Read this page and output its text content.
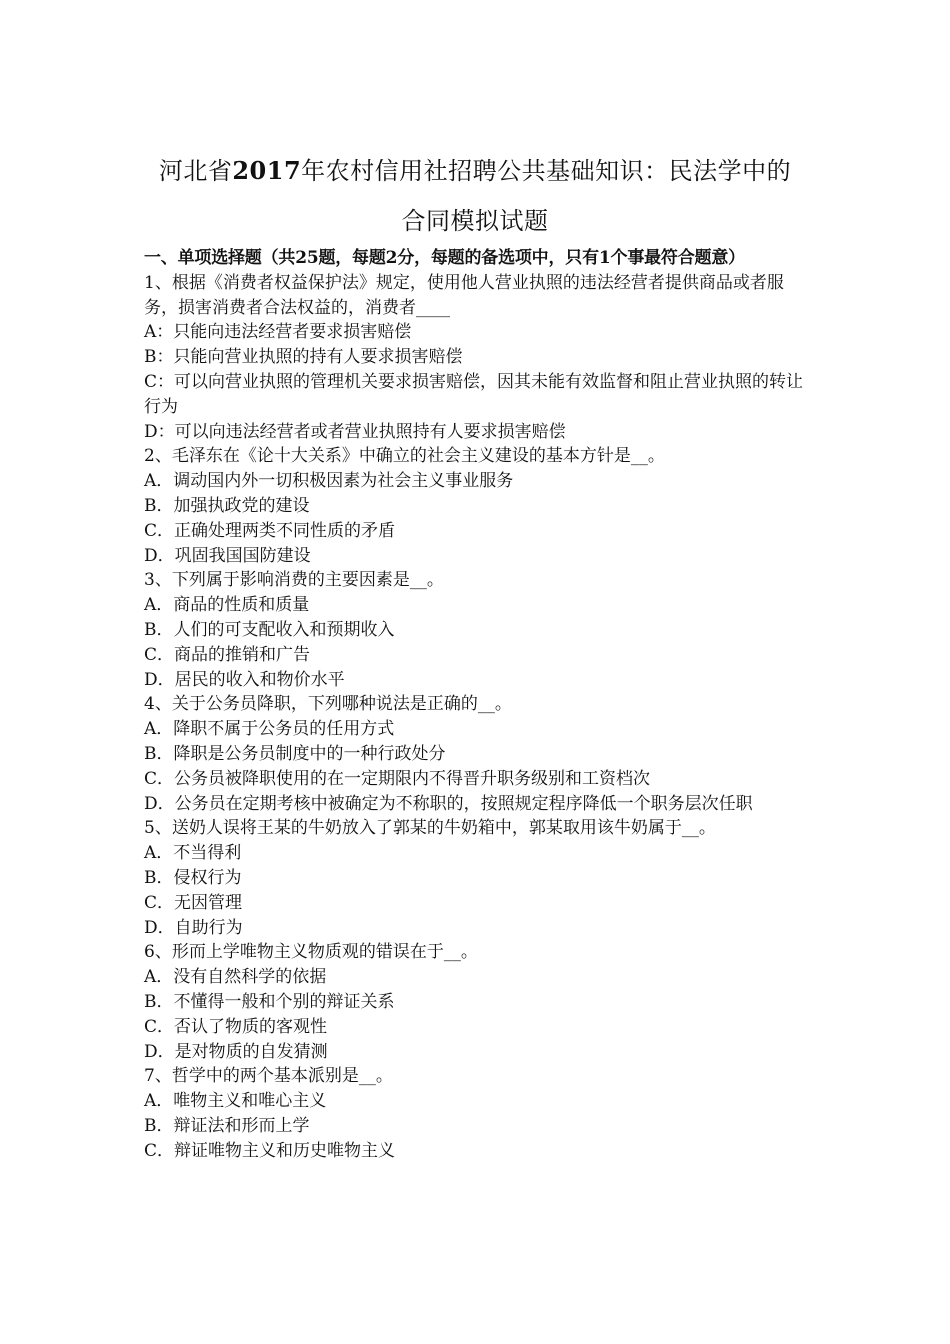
河北省2017年农村信用社招聘公共基础知识：民法学中的
合同模拟试题

一、单项选择题（共25题，每题2分，每题的备选项中，只有1个事最符合题意）

1、根据《消费者权益保护法》规定，使用他人营业执照的违法经营者提供商品或者服务，损害消费者合法权益的，消费者____

A：只能向违法经营者要求损害赔偿

B：只能向营业执照的持有人要求损害赔偿

C：可以向营业执照的管理机关要求损害赔偿，因其未能有效监督和阻止营业执照的转让行为

D：可以向违法经营者或者营业执照持有人要求损害赔偿

2、毛泽东在《论十大关系》中确立的社会主义建设的基本方针是__。

A．调动国内外一切积极因素为社会主义事业服务

B．加强执政党的建设

C．正确处理两类不同性质的矛盾

D．巩固我国国防建设

3、下列属于影响消费的主要因素是__。

A．商品的性质和质量

B．人们的可支配收入和预期收入

C．商品的推销和广告

D．居民的收入和物价水平

4、关于公务员降职，下列哪种说法是正确的__。

A．降职不属于公务员的任用方式

B．降职是公务员制度中的一种行政处分

C．公务员被降职使用的在一定期限内不得晋升职务级别和工资档次

D．公务员在定期考核中被确定为不称职的，按照规定程序降低一个职务层次任职

5、送奶人误将王某的牛奶放入了郭某的牛奶箱中，郭某取用该牛奶属于__。

A．不当得利

B．侵权行为

C．无因管理

D．自助行为

6、形而上学唯物主义物质观的错误在于__。

A．没有自然科学的依据

B．不懂得一般和个别的辩证关系

C．否认了物质的客观性

D．是对物质的自发猜测

7、哲学中的两个基本派别是__。

A．唯物主义和唯心主义

B．辩证法和形而上学

C．辩证唯物主义和历史唯物主义
